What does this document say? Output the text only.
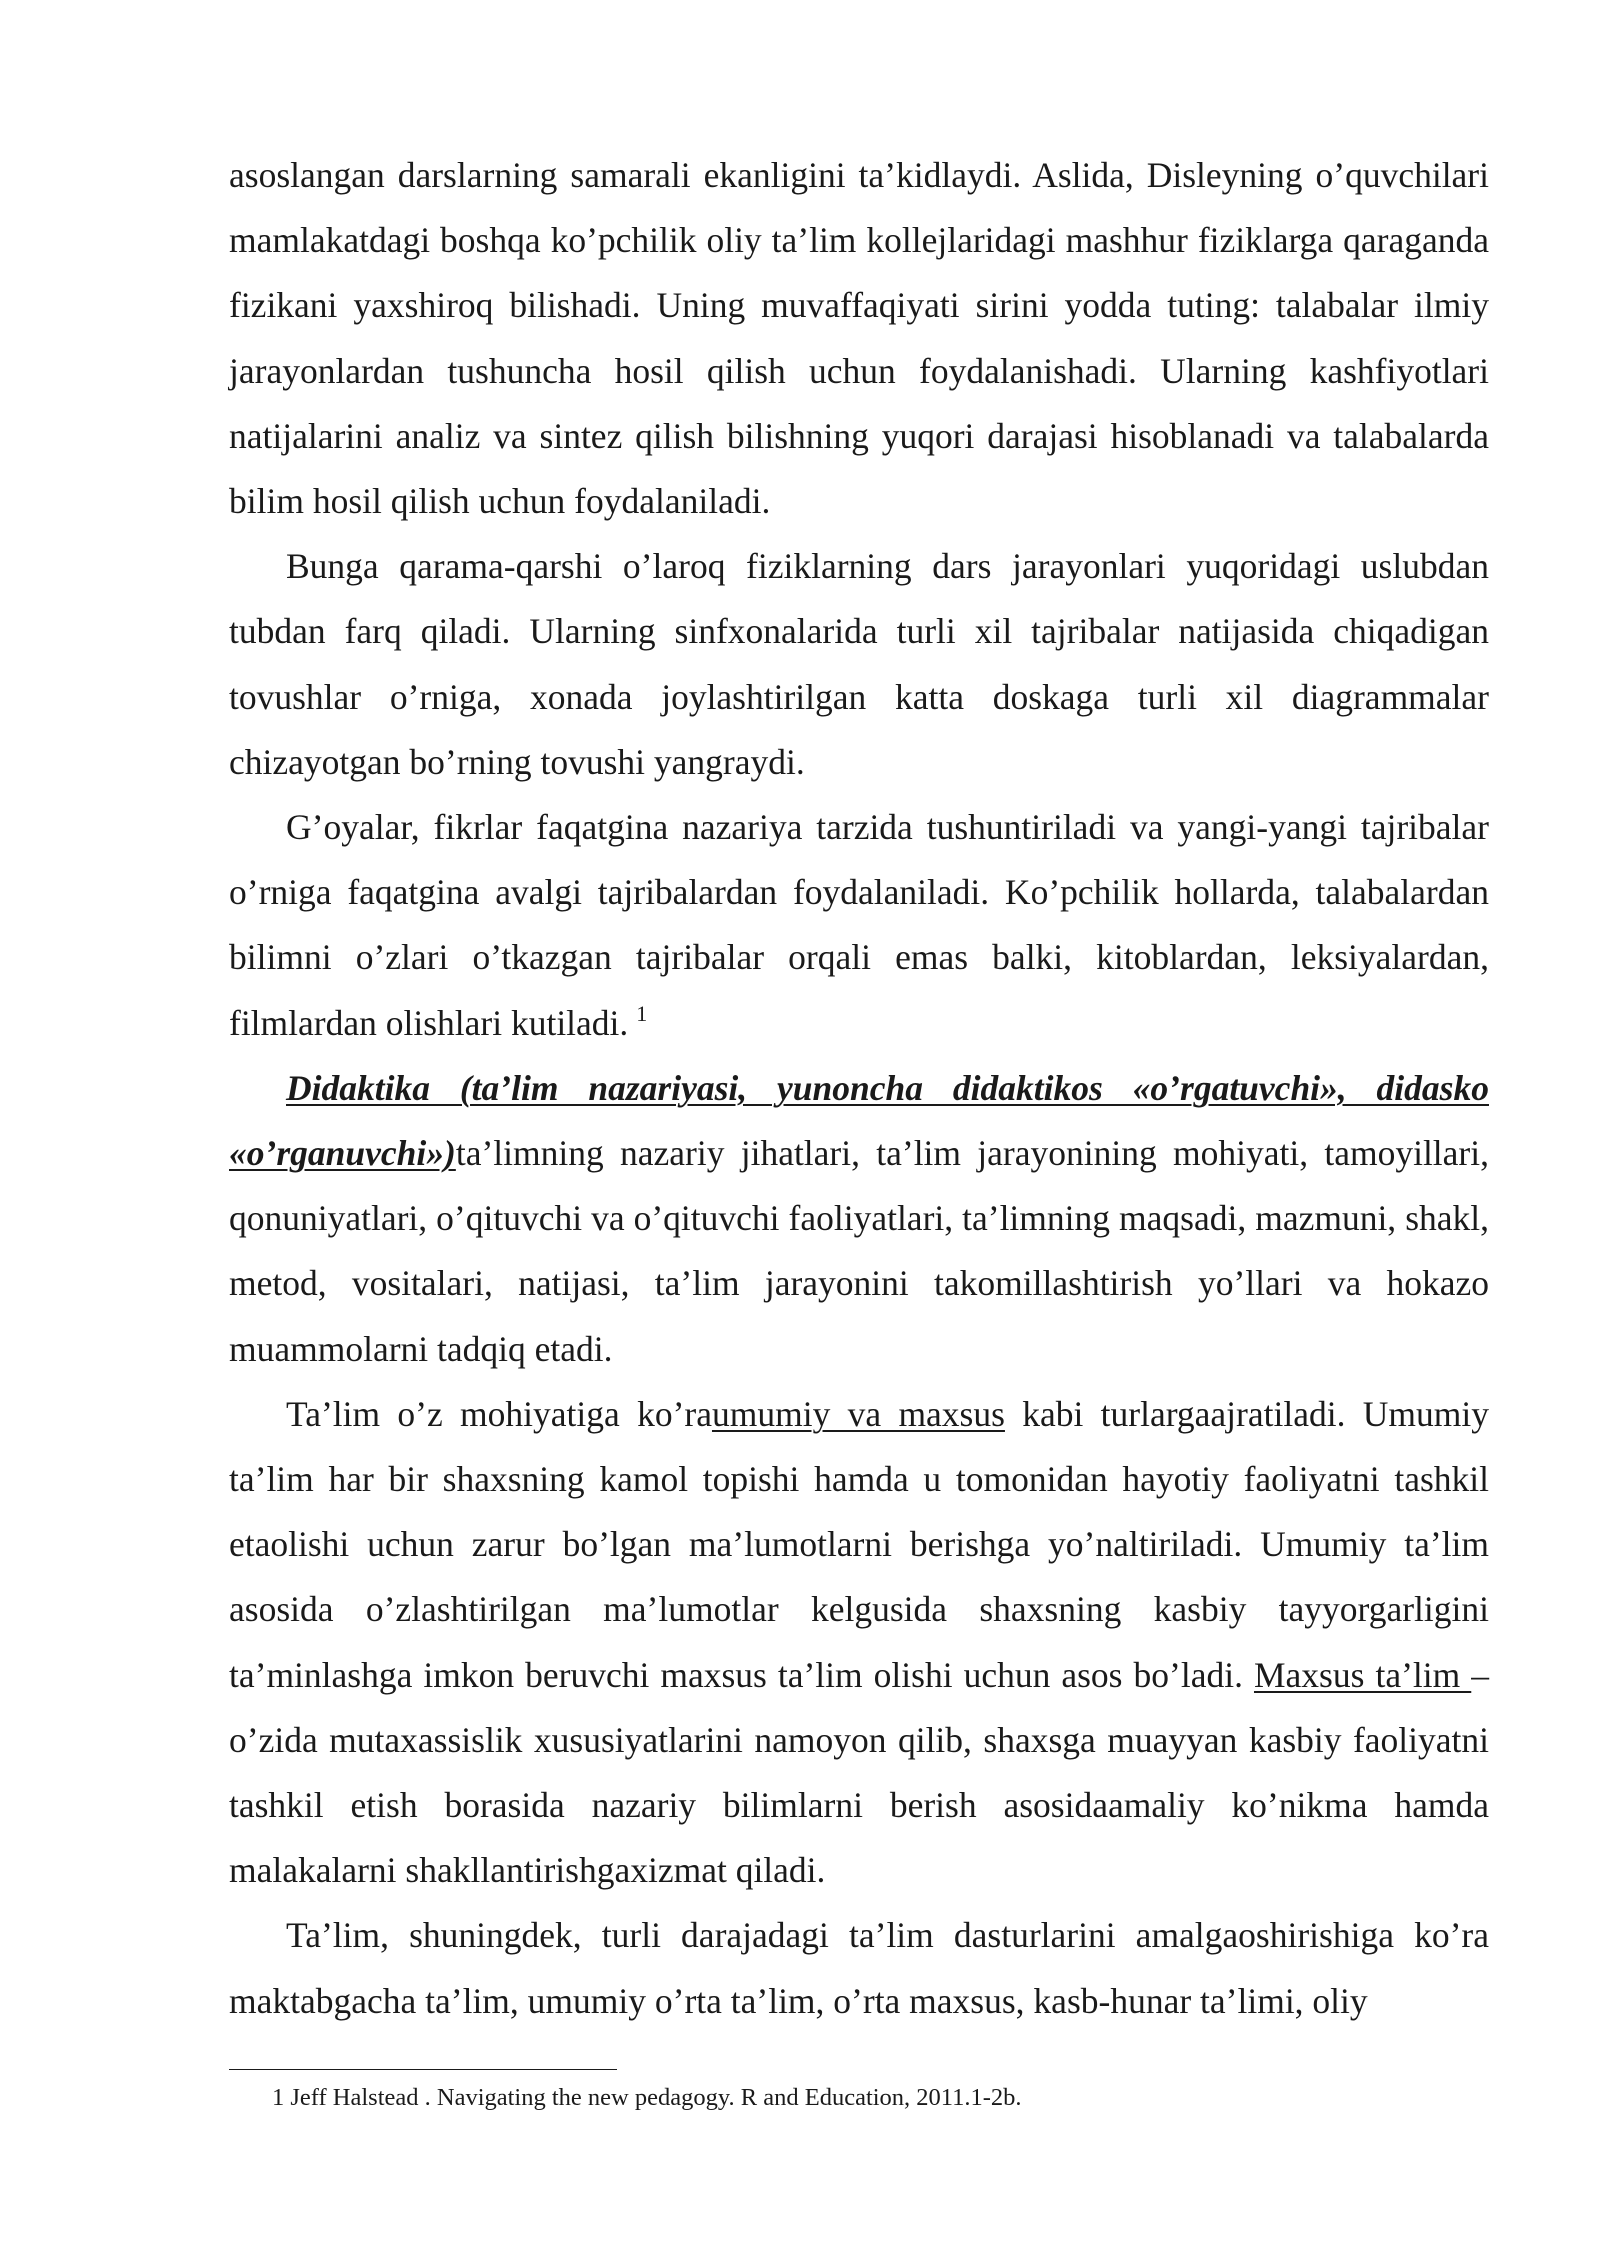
asoslangan darslarning samarali ekanligini ta’kidlaydi. Aslida, Disleyning o’quvchilari mamlakatdagi boshqa ko’pchilik oliy ta’lim kollejlaridagi mashhur fiziklarga qaraganda fizikani yaxshiroq bilishadi. Uning muvaffaqiyati sirini yodda tuting: talabalar ilmiy jarayonlardan tushuncha hosil qilish uchun foydalanishadi. Ularning kashfiyotlari natijalarini analiz va sintez qilish bilishning yuqori darajasi hisoblanadi va talabalarda bilim hosil qilish uchun foydalaniladi.

Bunga qarama-qarshi o’laroq fiziklarning dars jarayonlari yuqoridagi uslubdan tubdan farq qiladi. Ularning sinfxonalarida turli xil tajribalar natijasida chiqadigan tovushlar o’rniga, xonada joylashtirilgan katta doskaga turli xil diagrammalar chizayotgan bo’rning tovushi yangraydi.

G’oyalar, fikrlar faqatgina nazariya tarzida tushuntiriladi va yangi-yangi tajribalar o’rniga faqatgina avalgi tajribalardan foydalaniladi. Ko’pchilik hollarda, talabalardan bilimni o’zlari o’tkazgan tajribalar orqali emas balki, kitoblardan, leksiyalardan, filmlardan olishlari kutiladi. $^1$

Didaktika (ta’lim nazariyasi, yunoncha didaktikos «o’rgatuvchi», didasko «o’rganuvchi»)ta’limning nazariy jihatlari, ta’lim jarayonining mohiyati, tamoyillari, qonuniyatlari, o’qituvchi va o’qituvchi faoliyatlari, ta’limning maqsadi, mazmuni, shakl, metod, vositalari, natijasi, ta’lim jarayonini takomillashtirish yo’llari va hokazo muammolarni tadqiq etadi.

Ta’lim o’z mohiyatiga ko’raumumiy va maxsus kabi turlargaajratiladi. Umumiy ta’lim har bir shaxsning kamol topishi hamda u tomonidan hayotiy faoliyatni tashkil etaolishi uchun zarur bo’lgan ma’lumotlarni berishga yo’naltiriladi. Umumiy ta’lim asosida o’zlashtirilgan ma’lumotlar kelgusida shaxsning kasbiy tayyorgarligini ta’minlashga imkon beruvchi maxsus ta’lim olishi uchun asos bo’ladi. Maxsus ta’lim – o’zida mutaxassislik xususiyatlarini namoyon qilib, shaxsga muayyan kasbiy faoliyatni tashkil etish borasida nazariy bilimlarni berish asosidaamaliy ko’nikma hamda malakalarni shakllantirishgaxizmat qiladi.

Ta’lim, shuningdek, turli darajadagi ta’lim dasturlarini amalgaoshirishiga ko’ra maktabgacha ta’lim, umumiy o’rta ta’lim, o’rta maxsus, kasb-hunar ta’limi, oliy

1 Jeff Halstead . Navigating the new pedagogy. R and Education, 2011.1-2b.
